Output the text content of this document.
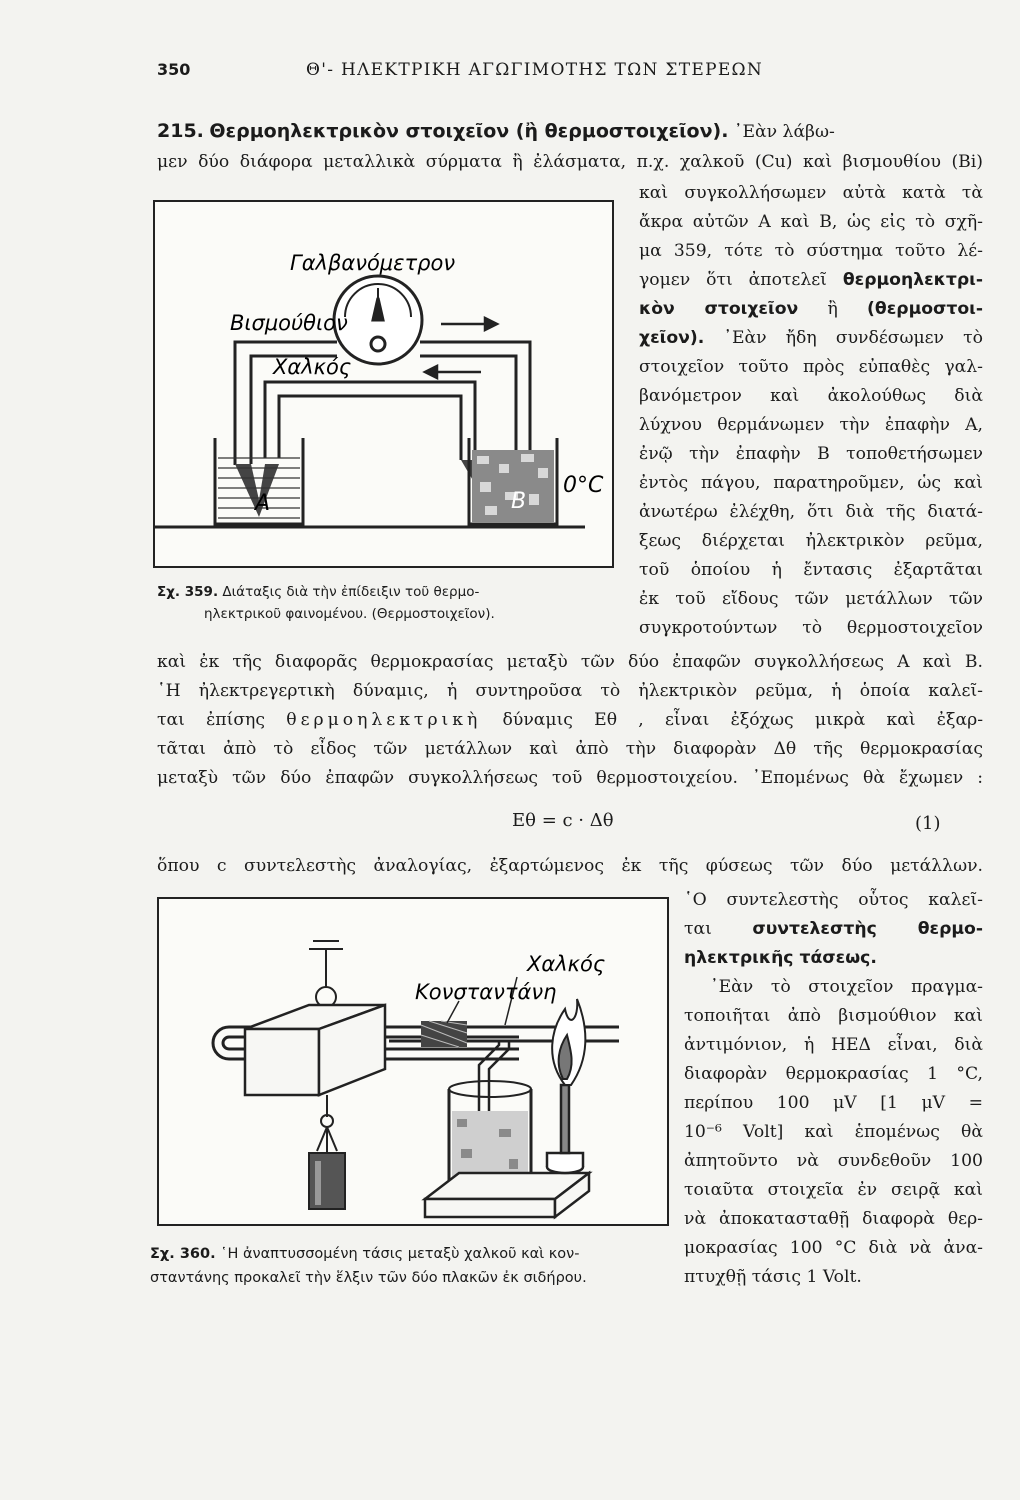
350	Θ'- ΗΛΕΚΤΡΙΚΗ ΑΓΩΓΙΜΟΤΗΣ ΤΩΝ ΣΤΕΡΕΩΝ
215. Θερμοηλεκτρικὸν στοιχεῖον (ἢ θερμοστοιχεῖον). ᾿Εὰν λάβω-
μεν δύο διάφορα μεταλλικὰ σύρματα ἢ ἐλάσματα, π.χ. χαλκοῦ (Cu) καὶ βισμουθίου (Bi)
Γαλβανόμετρον
Βισμούθιον
Χαλκός
A	B
0°C
Σχ. 359. Διάταξις διὰ τὴν ἐπίδειξιν τοῦ θερμο-
ηλεκτρικοῦ φαινομένου. (Θερμοστοιχεῖον).
καὶ συγκολλήσωμεν αὐτὰ κατὰ τὰ
ἄκρα αὐτῶν Α καὶ Β, ὡς εἰς τὸ σχῆ-
μα 359, τότε τὸ σύστημα τοῦτο λέ-
γομεν ὅτι ἀποτελεῖ θερμοηλεκτρι-
κὸν στοιχεῖον ἢ (θερμοστοι-
χεῖον). ᾿Εὰν ἤδη συνδέσωμεν τὸ
στοιχεῖον τοῦτο πρὸς εὐπαθὲς γαλ-
βανόμετρον καὶ ἀκολούθως διὰ
λύχνου θερμάνωμεν τὴν ἐπαφὴν Α,
ἐνῷ τὴν ἐπαφὴν Β τοποθετήσωμεν
ἐντὸς πάγου, παρατηροῦμεν, ὡς καὶ
ἀνωτέρω ἐλέχθη, ὅτι διὰ τῆς διατά-
ξεως διέρχεται ἠλεκτρικὸν ρεῦμα,
τοῦ ὁποίου ἡ ἔντασις ἐξαρτᾶται
ἐκ τοῦ εἴδους τῶν μετάλλων τῶν
συγκροτούντων τὸ θερμοστοιχεῖον
καὶ ἐκ τῆς διαφορᾶς θερμοκρασίας μεταξὺ τῶν δύο ἐπαφῶν συγκολλήσεως Α καὶ Β.
῾Η ἠλεκτρεγερτικὴ δύναμις, ἡ συντηροῦσα τὸ ἠλεκτρικὸν ρεῦμα, ἡ ὁποία καλεῖ-
ται ἐπίσης θερμοηλεκτρικὴ δύναμις Eθ , εἶναι ἐξόχως μικρὰ καὶ ἐξαρ-
τᾶται ἀπὸ τὸ εἶδος τῶν μετάλλων καὶ ἀπὸ τὴν διαφορὰν Δθ τῆς θερμοκρασίας
μεταξὺ τῶν δύο ἐπαφῶν συγκολλήσεως τοῦ θερμοστοιχείου. ᾿Επομένως θὰ ἔχωμεν :
Eθ = c · Δθ	(1)
ὅπου c συντελεστὴς ἀναλογίας, ἐξαρτώμενος ἐκ τῆς φύσεως τῶν δύο μετάλλων.
Χαλκός
Κονσταντάνη
Σχ. 360. ῾Η ἀναπτυσσομένη τάσις μεταξὺ χαλκοῦ καὶ κον-
σταντάνης προκαλεῖ τὴν ἕλξιν τῶν δύο πλακῶν ἐκ σιδήρου.
῾Ο συντελεστὴς οὗτος καλεῖ-
ται συντελεστὴς θερμο-
ηλεκτρικῆς τάσεως.
᾿Εὰν τὸ στοιχεῖον πραγμα-
τοποιῆται ἀπὸ βισμούθιον καὶ
ἀντιμόνιον, ἡ ΗΕΔ εἶναι, διὰ
διαφορὰν θερμοκρασίας 1 °C,
περίπου 100 μV [1 μV =
10⁻⁶ Volt] καὶ ἑπομένως θὰ
ἀπητοῦντο νὰ συνδεθοῦν 100
τοιαῦτα στοιχεῖα ἐν σειρᾷ καὶ
νὰ ἀποκατασταθῇ διαφορὰ θερ-
μοκρασίας 100 °C διὰ νὰ ἀνα-
πτυχθῇ τάσις 1 Volt.
